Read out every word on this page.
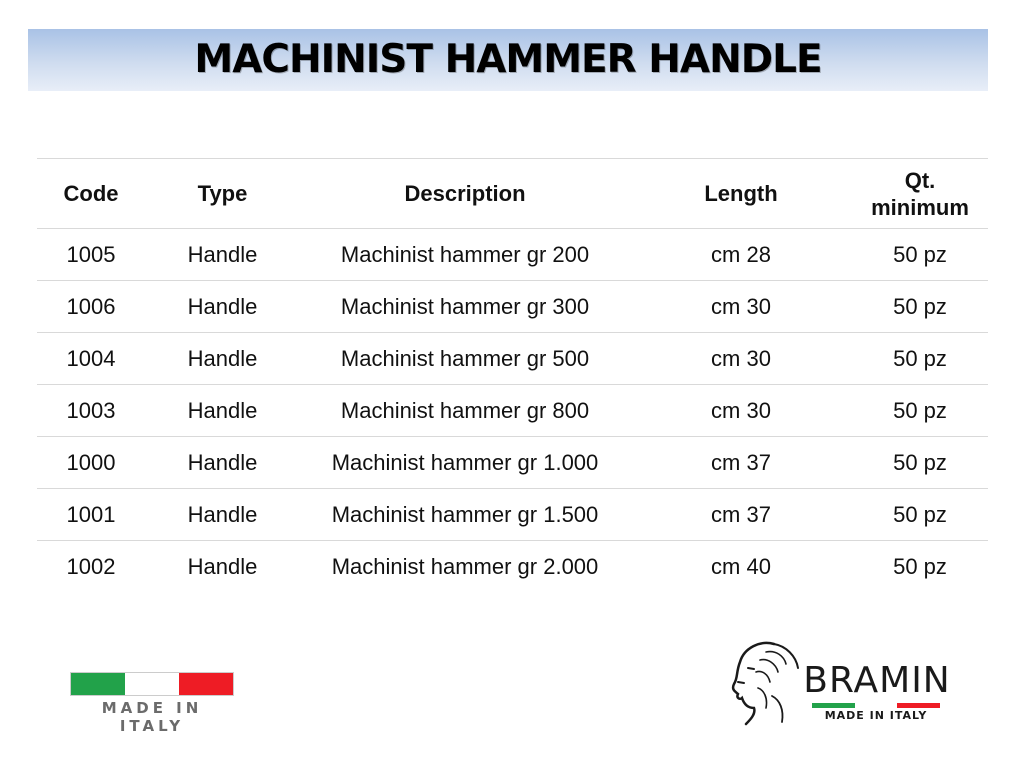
MACHINIST HAMMER HANDLE
Code	Type	Description	Length	Qt.
minimum
1005	Handle	Machinist hammer gr 200	cm 28	50 pz
1006	Handle	Machinist hammer gr 300	cm 30	50 pz
1004	Handle	Machinist hammer gr 500	cm 30	50 pz
1003	Handle	Machinist hammer gr 800	cm 30	50 pz
1000	Handle	Machinist hammer gr 1.000	cm 37	50 pz
1001	Handle	Machinist hammer gr 1.500	cm 37	50 pz
1002	Handle	Machinist hammer gr 2.000	cm 40	50 pz
MADE IN ITALY
BRAMIN
MADE IN ITALY
